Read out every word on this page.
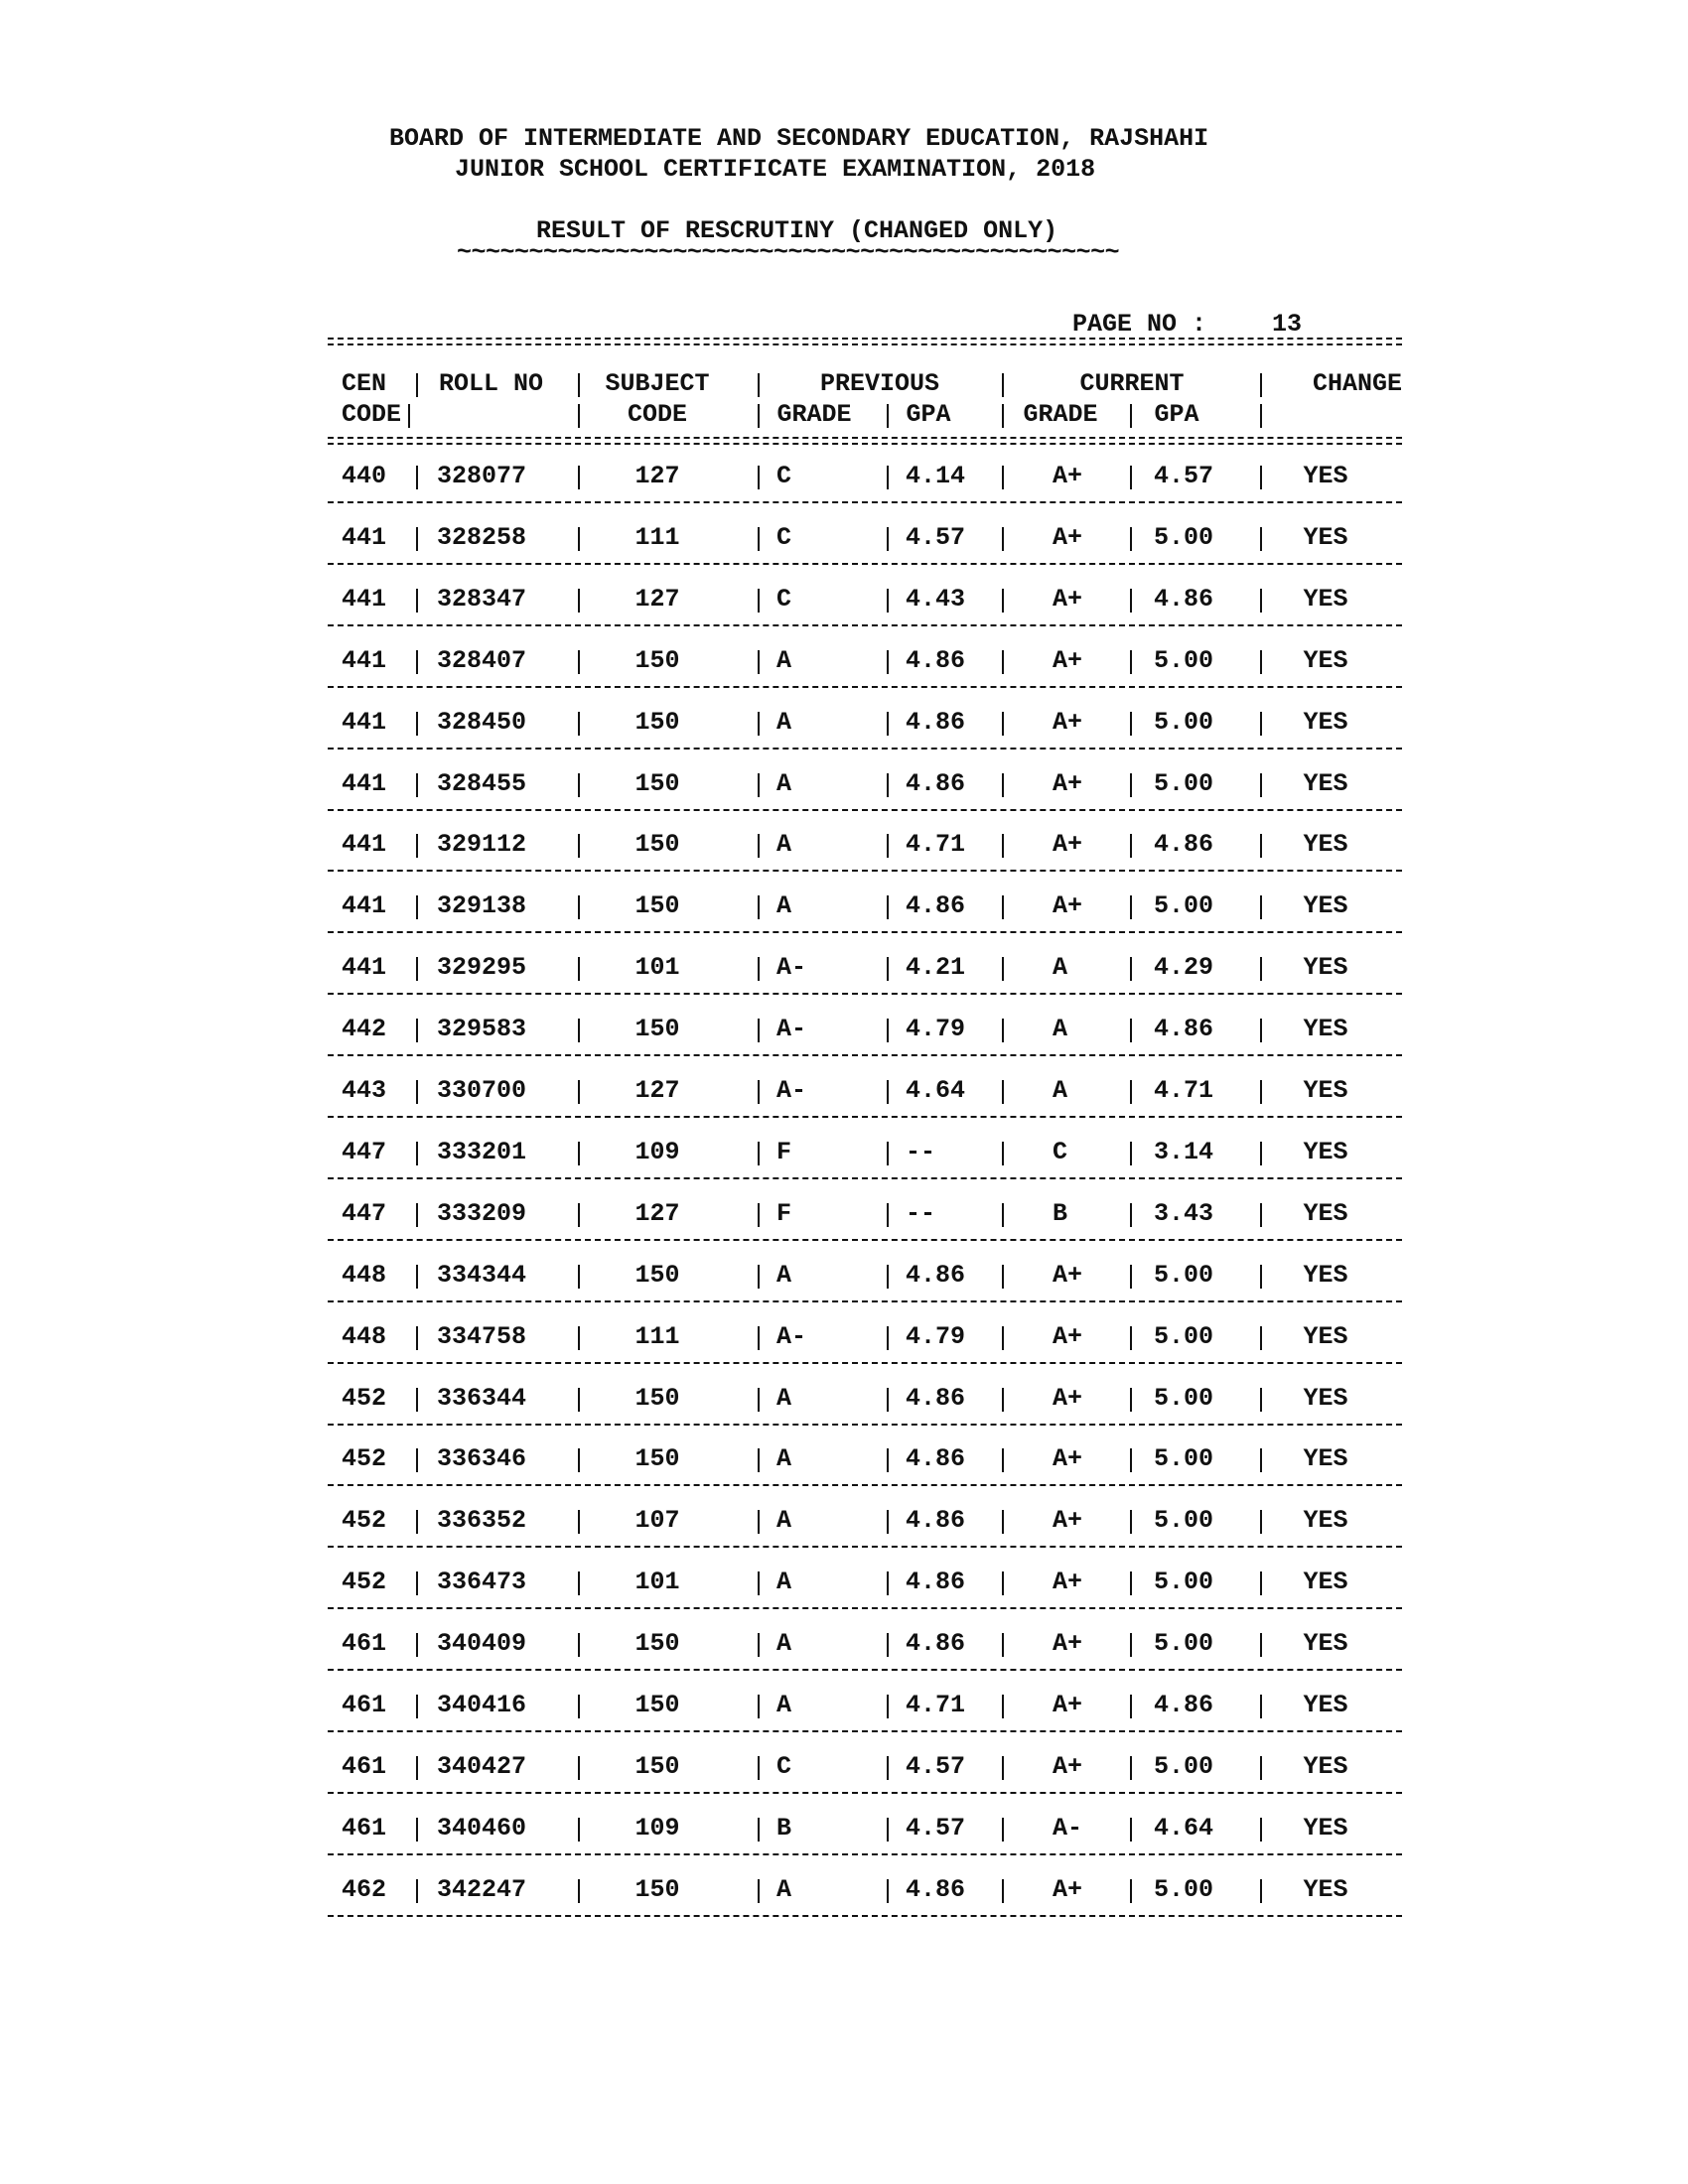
BOARD OF INTERMEDIATE AND SECONDARY EDUCATION, RAJSHAHI
JUNIOR SCHOOL CERTIFICATE EXAMINATION, 2018
RESULT OF RESCRUTINY (CHANGED ONLY)
~~~~~~~~~~~~~~~~~~~~~~~~~~~~~~~~~~~~~~~~~~~~~~
PAGE NO :	13
CEN ROLL NO	SUBJECT	PREVIOUS	CURRENT	CHANGE
CODE	CODE	GRADE	GPA	GRADE	GPA
440 328077	127	C	4.14	A+	4.57	YES
441 328258	111	C	4.57	A+	5.00	YES
441 328347	127	C	4.43	A+	4.86	YES
441 328407	150	A	4.86	A+	5.00	YES
441 328450	150	A	4.86	A+	5.00	YES
441 328455	150	A	4.86	A+	5.00	YES
441 329112	150	A	4.71	A+	4.86	YES
441 329138	150	A	4.86	A+	5.00	YES
441 329295	101	A-	4.21	A	4.29	YES
442 329583	150	A-	4.79	A	4.86	YES
443 330700	127	A-	4.64	A	4.71	YES
447 333201	109	F	--	C	3.14	YES
447 333209	127	F	--	B	3.43	YES
448 334344	150	A	4.86	A+	5.00	YES
448 334758	111	A-	4.79	A+	5.00	YES
452 336344	150	A	4.86	A+	5.00	YES
452 336346	150	A	4.86	A+	5.00	YES
452 336352	107	A	4.86	A+	5.00	YES
452 336473	101	A	4.86	A+	5.00	YES
461 340409	150	A	4.86	A+	5.00	YES
461 340416	150	A	4.71	A+	4.86	YES
461 340427	150	C	4.57	A+	5.00	YES
461 340460	109	B	4.57	A-	4.64	YES
462 342247	150	A	4.86	A+	5.00	YES
